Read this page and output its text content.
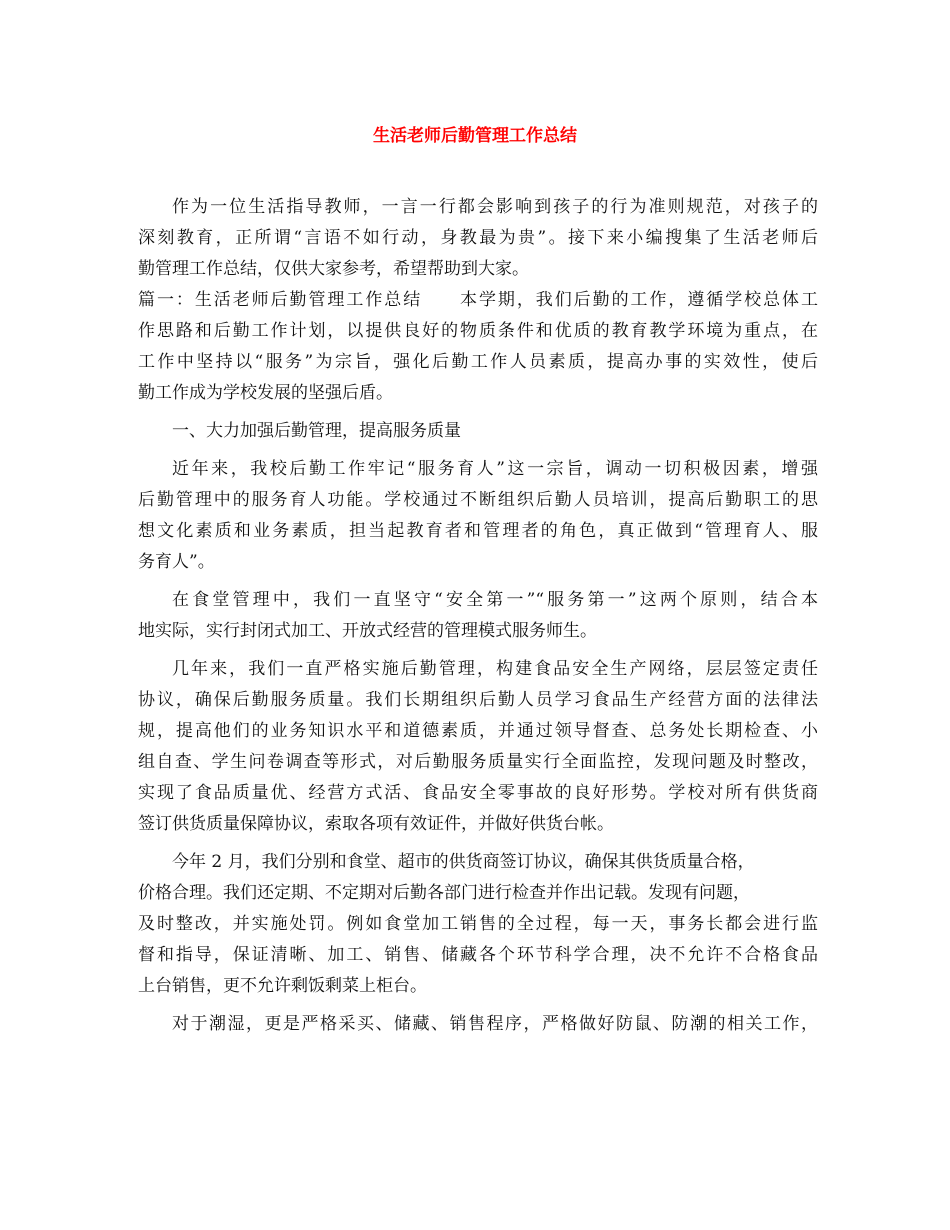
生活老师后勤管理工作总结
作为一位生活指导教师，一言一行都会影响到孩子的行为准则规范，对孩子的
深刻教育，正所谓“言语不如行动，身教最为贵”。接下来小编搜集了生活老师后
勤管理工作总结，仅供大家参考，希望帮助到大家。
篇一：生活老师后勤管理工作总结　　本学期，我们后勤的工作，遵循学校总体工
作思路和后勤工作计划，以提供良好的物质条件和优质的教育教学环境为重点，在
工作中坚持以“服务”为宗旨，强化后勤工作人员素质，提高办事的实效性，使后
勤工作成为学校发展的坚强后盾。
一、大力加强后勤管理，提高服务质量
近年来，我校后勤工作牢记“服务育人”这一宗旨，调动一切积极因素，增强
后勤管理中的服务育人功能。学校通过不断组织后勤人员培训，提高后勤职工的思
想文化素质和业务素质，担当起教育者和管理者的角色，真正做到“管理育人、服
务育人”。
在食堂管理中，我们一直坚守“安全第一”“服务第一”这两个原则，结合本
地实际，实行封闭式加工、开放式经营的管理模式服务师生。
几年来，我们一直严格实施后勤管理，构建食品安全生产网络，层层签定责任
协议，确保后勤服务质量。我们长期组织后勤人员学习食品生产经营方面的法律法
规，提高他们的业务知识水平和道德素质，并通过领导督查、总务处长期检查、小
组自查、学生问卷调查等形式，对后勤服务质量实行全面监控，发现问题及时整改，
实现了食品质量优、经营方式活、食品安全零事故的良好形势。学校对所有供货商
签订供货质量保障协议，索取各项有效证件，并做好供货台帐。
今年 2 月，我们分别和食堂、超市的供货商签订协议，确保其供货质量合格，
价格合理。我们还定期、不定期对后勤各部门进行检查并作出记载。发现有问题，
及时整改，并实施处罚。例如食堂加工销售的全过程，每一天，事务长都会进行监
督和指导，保证清晰、加工、销售、储藏各个环节科学合理，决不允许不合格食品
上台销售，更不允许剩饭剩菜上柜台。
对于潮湿，更是严格采买、储藏、销售程序，严格做好防鼠、防潮的相关工作，
